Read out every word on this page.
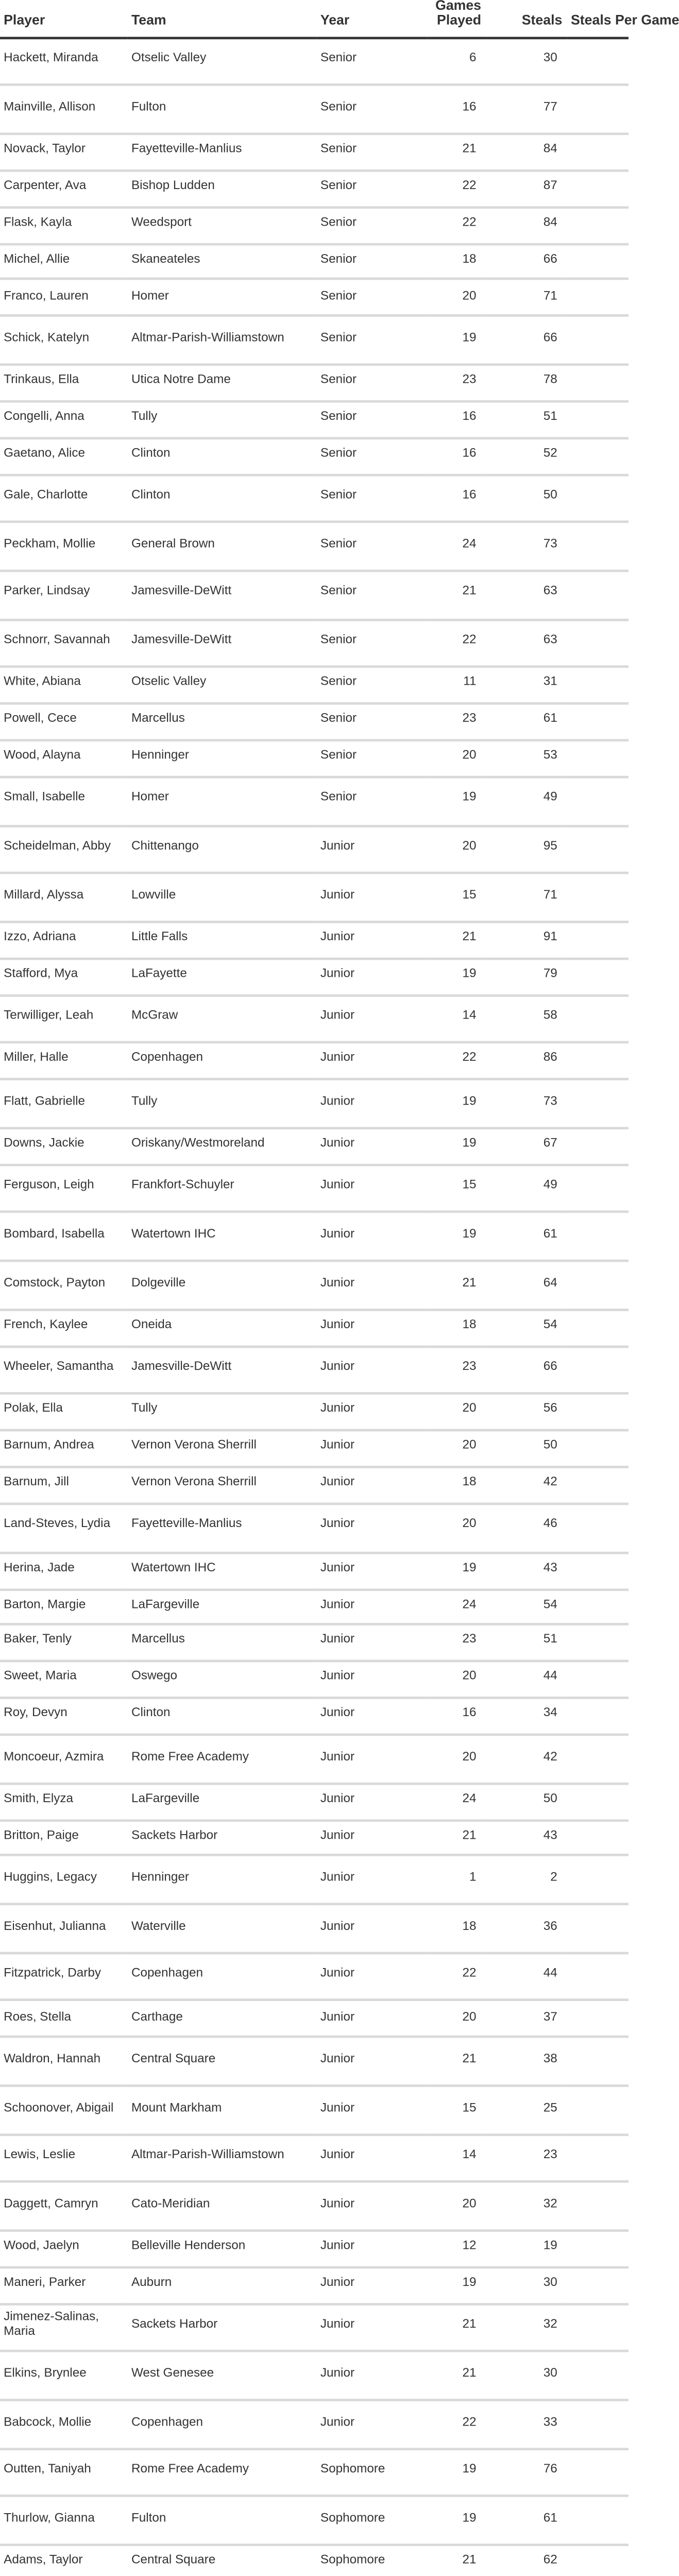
Player	Team	Year	Games Played	Steals	Steals Per Game
Hackett, Miranda	Otselic Valley	Senior	6	30	
Mainville, Allison	Fulton	Senior	16	77	
Novack, Taylor	Fayetteville-Manlius	Senior	21	84	
Carpenter, Ava	Bishop Ludden	Senior	22	87	
Flask, Kayla	Weedsport	Senior	22	84	
Michel, Allie	Skaneateles	Senior	18	66	
Franco, Lauren	Homer	Senior	20	71	
Schick, Katelyn	Altmar-Parish-Williamstown	Senior	19	66	
Trinkaus, Ella	Utica Notre Dame	Senior	23	78	
Congelli, Anna	Tully	Senior	16	51	
Gaetano, Alice	Clinton	Senior	16	52	
Gale, Charlotte	Clinton	Senior	16	50	
Peckham, Mollie	General Brown	Senior	24	73	
Parker, Lindsay	Jamesville-DeWitt	Senior	21	63	
Schnorr, Savannah	Jamesville-DeWitt	Senior	22	63	
White, Abiana	Otselic Valley	Senior	11	31	
Powell, Cece	Marcellus	Senior	23	61	
Wood, Alayna	Henninger	Senior	20	53	
Small, Isabelle	Homer	Senior	19	49	
Scheidelman, Abby	Chittenango	Junior	20	95	
Millard, Alyssa	Lowville	Junior	15	71	
Izzo, Adriana	Little Falls	Junior	21	91	
Stafford, Mya	LaFayette	Junior	19	79	
Terwilliger, Leah	McGraw	Junior	14	58	
Miller, Halle	Copenhagen	Junior	22	86	
Flatt, Gabrielle	Tully	Junior	19	73	
Downs, Jackie	Oriskany/Westmoreland	Junior	19	67	
Ferguson, Leigh	Frankfort-Schuyler	Junior	15	49	
Bombard, Isabella	Watertown IHC	Junior	19	61	
Comstock, Payton	Dolgeville	Junior	21	64	
French, Kaylee	Oneida	Junior	18	54	
Wheeler, Samantha	Jamesville-DeWitt	Junior	23	66	
Polak, Ella	Tully	Junior	20	56	
Barnum, Andrea	Vernon Verona Sherrill	Junior	20	50	
Barnum, Jill	Vernon Verona Sherrill	Junior	18	42	
Land-Steves, Lydia	Fayetteville-Manlius	Junior	20	46	
Herina, Jade	Watertown IHC	Junior	19	43	
Barton, Margie	LaFargeville	Junior	24	54	
Baker, Tenly	Marcellus	Junior	23	51	
Sweet, Maria	Oswego	Junior	20	44	
Roy, Devyn	Clinton	Junior	16	34	
Moncoeur, Azmira	Rome Free Academy	Junior	20	42	
Smith, Elyza	LaFargeville	Junior	24	50	
Britton, Paige	Sackets Harbor	Junior	21	43	
Huggins, Legacy	Henninger	Junior	1	2	
Eisenhut, Julianna	Waterville	Junior	18	36	
Fitzpatrick, Darby	Copenhagen	Junior	22	44	
Roes, Stella	Carthage	Junior	20	37	
Waldron, Hannah	Central Square	Junior	21	38	
Schoonover, Abigail	Mount Markham	Junior	15	25	
Lewis, Leslie	Altmar-Parish-Williamstown	Junior	14	23	
Daggett, Camryn	Cato-Meridian	Junior	20	32	
Wood, Jaelyn	Belleville Henderson	Junior	12	19	
Maneri, Parker	Auburn	Junior	19	30	
Jimenez-Salinas, Maria	Sackets Harbor	Junior	21	32	
Elkins, Brynlee	West Genesee	Junior	21	30	
Babcock, Mollie	Copenhagen	Junior	22	33	
Outten, Taniyah	Rome Free Academy	Sophomore	19	76	
Thurlow, Gianna	Fulton	Sophomore	19	61	
Adams, Taylor	Central Square	Sophomore	21	62	
